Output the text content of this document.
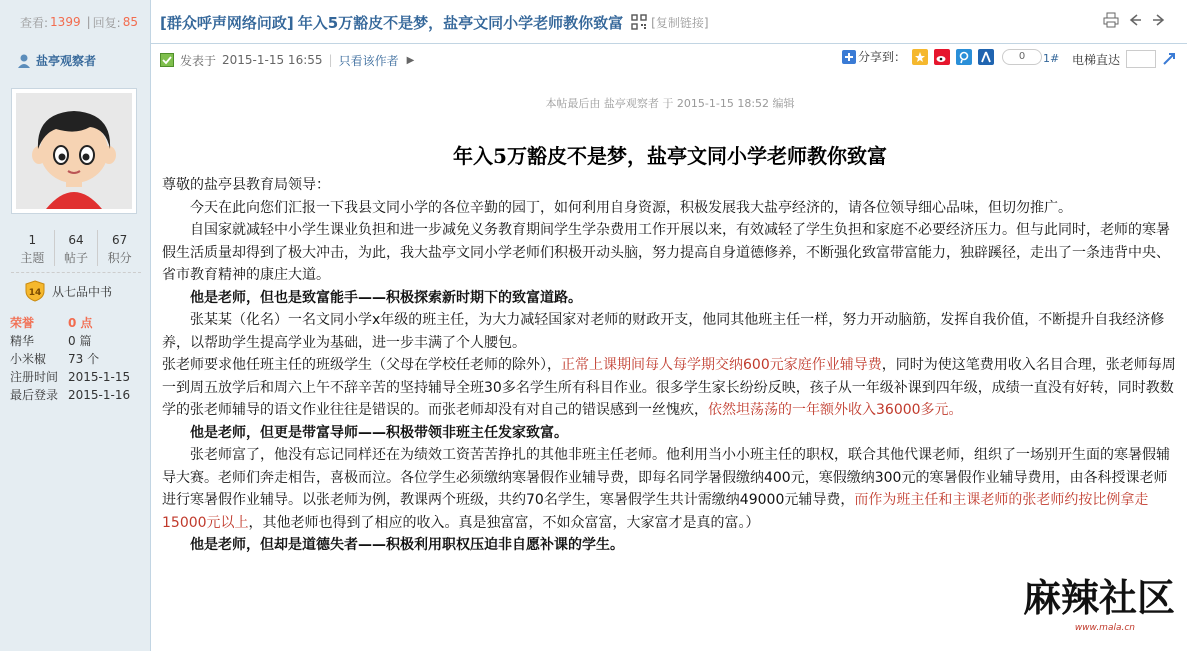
查看: 1399 | 回复: 85 [群众呼声网络问政] 年入5万豁皮不是梦，盐亭文同小学老师教你致富 [复制链接]
盐亭观察者
1
主题
64
帖子
67
积分
14 从七品中书
荣誉	0 点
精华	0 篇
小米椒	73 个
注册时间 2015-1-15
最后登录 2015-1-16
发表于 2015-1-15 16:55 | 只看该作者 ▶	分享到：	0	1# 电梯直达
本帖最后由 盐亭观察者 于 2015-1-15 18:52 编辑
年入5万豁皮不是梦，盐亭文同小学老师教你致富

尊敬的盐亭县教育局领导：

今天在此向您们汇报一下我县文同小学的各位辛勤的园丁，如何利用自身资源，积极发展我大盐亭经济的，请各位领导细心品味，但切勿推广。

自国家就减轻中小学生课业负担和进一步减免义务教育期间学生学杂费用工作开展以来，有效减轻了学生负担和家庭不必要经济压力。但与此同时，老师的寒暑假生活质量却得到了极大冲击，为此，我大盐亭文同小学老师们积极开动头脑，努力提高自身道德修养，不断强化致富带富能力，独辟蹊径，走出了一条违背中央、省市教育精神的康庄大道。

他是老师，但也是致富能手——积极探索新时期下的致富道路。

张某某（化名）一名文同小学x年级的班主任，为大力减轻国家对老师的财政开支，他同其他班主任一样，努力开动脑筋，发挥自我价值，不断提升自我经济修养，以帮助学生提高学业为基础，进一步丰满了个人腰包。

张老师要求他任班主任的班级学生（父母在学校任老师的除外），正常上课期间每人每学期交纳600元家庭作业辅导费，同时为使这笔费用收入名目合理，张老师每周一到周五放学后和周六上午不辞辛苦的坚持辅导全班30多名学生所有科目作业。很多学生家长纷纷反映，孩子从一年级补课到四年级，成绩一直没有好转，同时教数学的张老师辅导的语文作业往往是错误的。而张老师却没有对自己的错误感到一丝愧疚，依然坦荡荡的一年额外收入36000多元。

他是老师，但更是带富导师——积极带领非班主任发家致富。

张老师富了，他没有忘记同样还在为绩效工资苦苦挣扎的其他非班主任老师。他利用当小小班主任的职权，联合其他代课老师，组织了一场别开生面的寒暑假辅导大赛。老师们奔走相告，喜极而泣。各位学生必须缴纳寒暑假作业辅导费，即每名同学暑假缴纳400元，寒假缴纳300元的寒暑假作业辅导费用，由各科授课老师进行寒暑假作业辅导。以张老师为例，教课两个班级，共约70名学生，寒暑假学生共计需缴纳49000元辅导费，而作为班主任和主课老师的张老师约按比例拿走15000元以上，其他老师也得到了相应的收入。真是独富富，不如众富富，大家富才是真的富。）

他是老师，但却是道德失者——积极利用职权压迫非自愿补课的学生。

麻辣社区
www.mala.cn
